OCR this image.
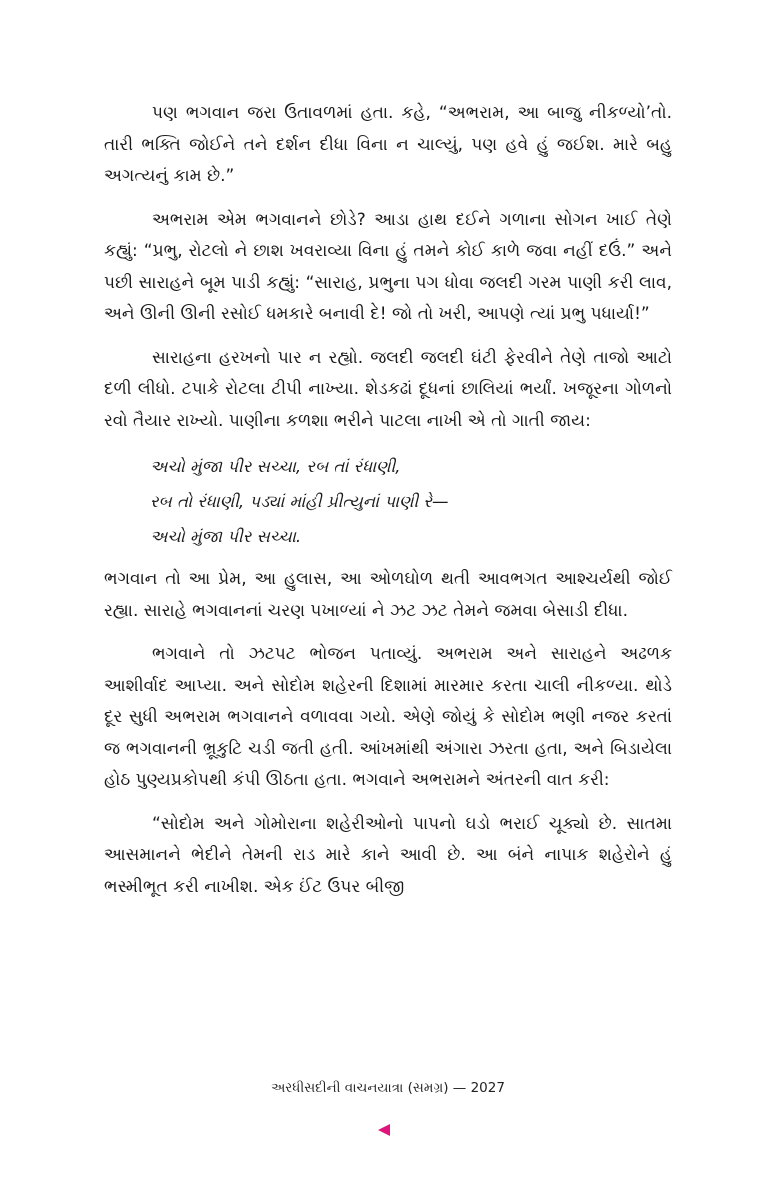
પણ ભગવાન જરા ઉતાવળમાં હતા. કહે, “અભરામ, આ બાજુ નીકળ્યો’તો. તારી ભક્તિ જોઈને તને દર્શન દીધા વિના ન ચાલ્યું, પણ હવે હું જઈશ. મારે બહુ અગત્યનું કામ છે.”

અભરામ એમ ભગવાનને છોડે? આડા હાથ દઈને ગળાના સોગન ખાઈ તેણે કહ્યું: “પ્રભુ, રોટલો ને છાશ ખવરાવ્યા વિના હું તમને કોઈ કાળે જવા નહીં દઉં.” અને પછી સારાહને બૂમ પાડી કહ્યું: “સારાહ, પ્રભુના પગ ધોવા જલદી ગરમ પાણી કરી લાવ, અને ઊની ઊની રસોઈ ધમકારે બનાવી દે! જો તો ખરી, આપણે ત્યાં પ્રભુ પધાર્યા!”

સારાહના હરખનો પાર ન રહ્યો. જલદી જલદી ઘંટી ફેરવીને તેણે તાજો આટો દળી લીધો. ટપાકે રોટલા ટીપી નાખ્યા. શેડકઢાં દૂધનાં છાલિયાં ભર્યાં. ખજૂરના ગોળનો રવો તૈયાર રાખ્યો. પાણીના કળશા ભરીને પાટલા નાખી એ તો ગાતી જાય:

અચો મુંજા પીર સચ્ચા, રબ તાં રંધાણી,
રબ તો રંધાણી, પડ્યાં માંહી પ્રીત્યુનાં પાણી રે—
અચો મુંજા પીર સચ્ચા.

ભગવાન તો આ પ્રેમ, આ હુલાસ, આ ઓળઘોળ થતી આવભગત આશ્ચર્યથી જોઈ રહ્યા. સારાહે ભગવાનનાં ચરણ પખાળ્યાં ને ઝટ ઝટ તેમને જમવા બેસાડી દીધા.

ભગવાને તો ઝટપટ ભોજન પતાવ્યું. અભરામ અને સારાહને અઢળક આશીર્વાદ આપ્યા. અને સોદોમ શહેરની દિશામાં મારમાર કરતા ચાલી નીકળ્યા. થોડે દૂર સુધી અભરામ ભગવાનને વળાવવા ગયો. એણે જોયું કે સોદોમ ભણી નજર કરતાં જ ભગવાનની ભ્રૂકુટિ ચડી જતી હતી. આંખમાંથી અંગારા ઝરતા હતા, અને બિડાયેલા હોઠ પુણ્યપ્રકોપથી કંપી ઊઠતા હતા. ભગવાને અભરામને અંતરની વાત કરી:

“સોદોમ અને ગોમોરાના શહેરીઓનો પાપનો ઘડો ભરાઈ ચૂક્યો છે. સાતમા આસમાનને ભેદીને તેમની રાડ મારે કાને આવી છે. આ બંને નાપાક શહેરોને હું ભસ્મીભૂત કરી નાખીશ. એક ઈંટ ઉપર બીજી

અરધીસદીની વાચનયાત્રા (સમગ્ર) — 2027
